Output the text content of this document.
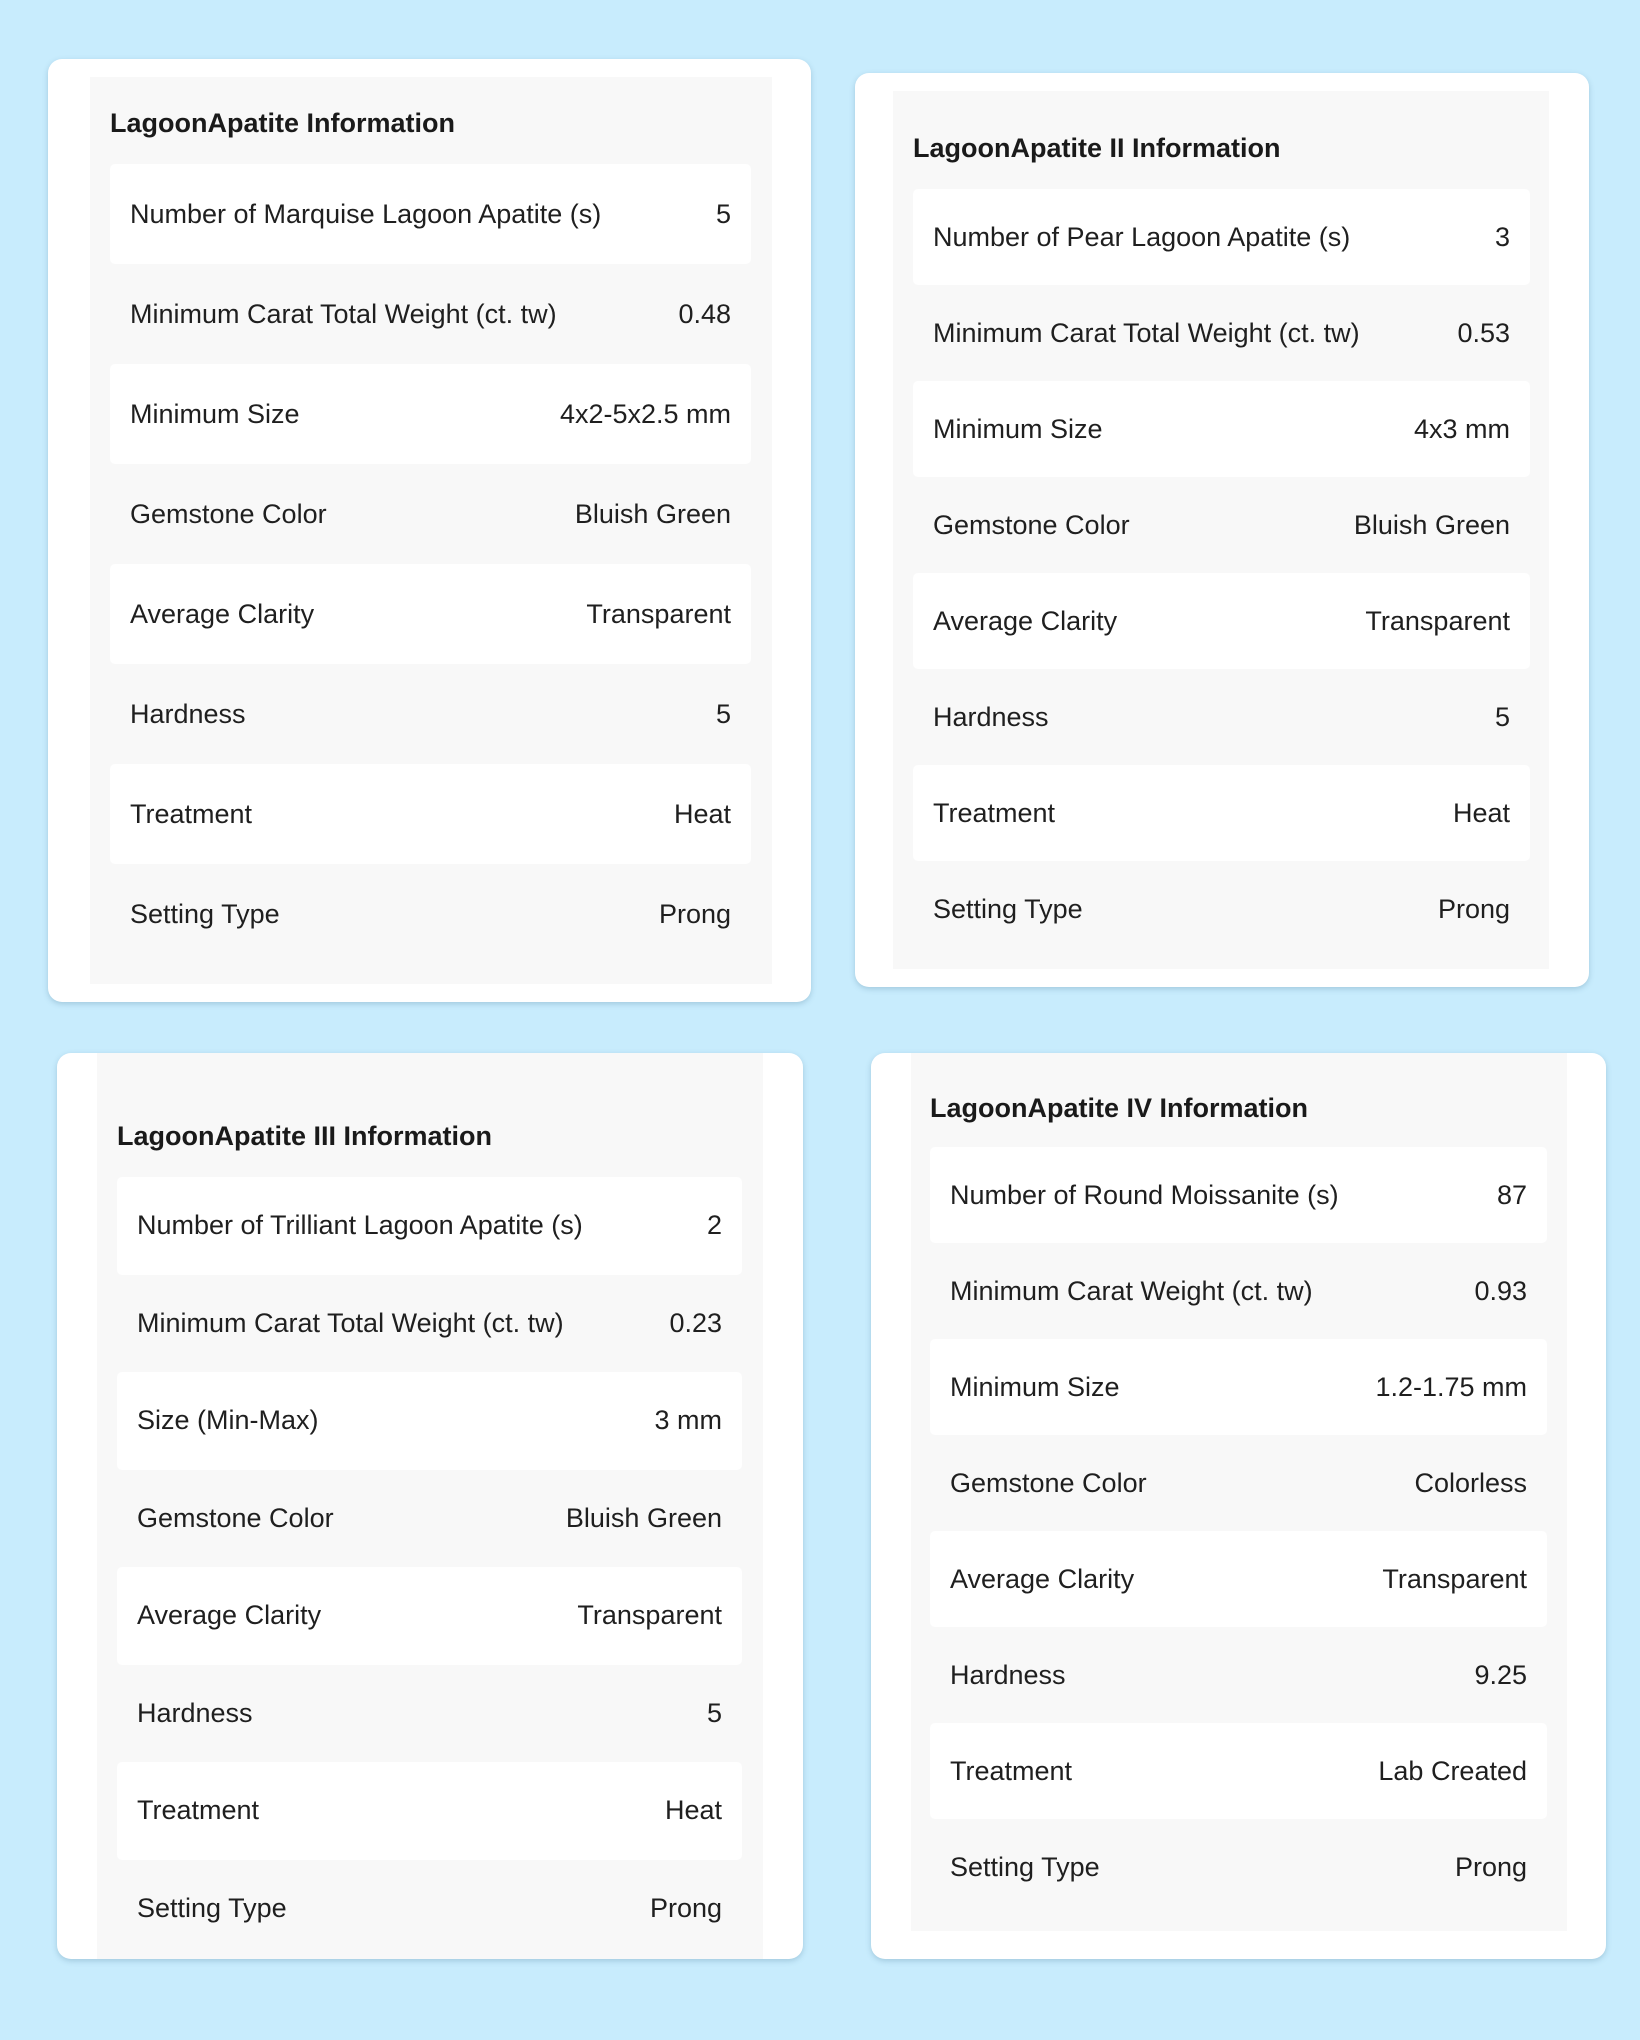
LagoonApatite Information
Number of Marquise Lagoon Apatite (s)	5
Minimum Carat Total Weight (ct. tw)	0.48
Minimum Size	4x2-5x2.5 mm
Gemstone Color	Bluish Green
Average Clarity	Transparent
Hardness	5
Treatment	Heat
Setting Type	Prong
LagoonApatite II Information
Number of Pear Lagoon Apatite (s)	3
Minimum Carat Total Weight (ct. tw)	0.53
Minimum Size	4x3 mm
Gemstone Color	Bluish Green
Average Clarity	Transparent
Hardness	5
Treatment	Heat
Setting Type	Prong
LagoonApatite III Information
Number of Trilliant Lagoon Apatite (s)	2
Minimum Carat Total Weight (ct. tw)	0.23
Size (Min-Max)	3 mm
Gemstone Color	Bluish Green
Average Clarity	Transparent
Hardness	5
Treatment	Heat
Setting Type	Prong
LagoonApatite IV Information
Number of Round Moissanite (s)	87
Minimum Carat Weight (ct. tw)	0.93
Minimum Size	1.2-1.75 mm
Gemstone Color	Colorless
Average Clarity	Transparent
Hardness	9.25
Treatment	Lab Created
Setting Type	Prong
